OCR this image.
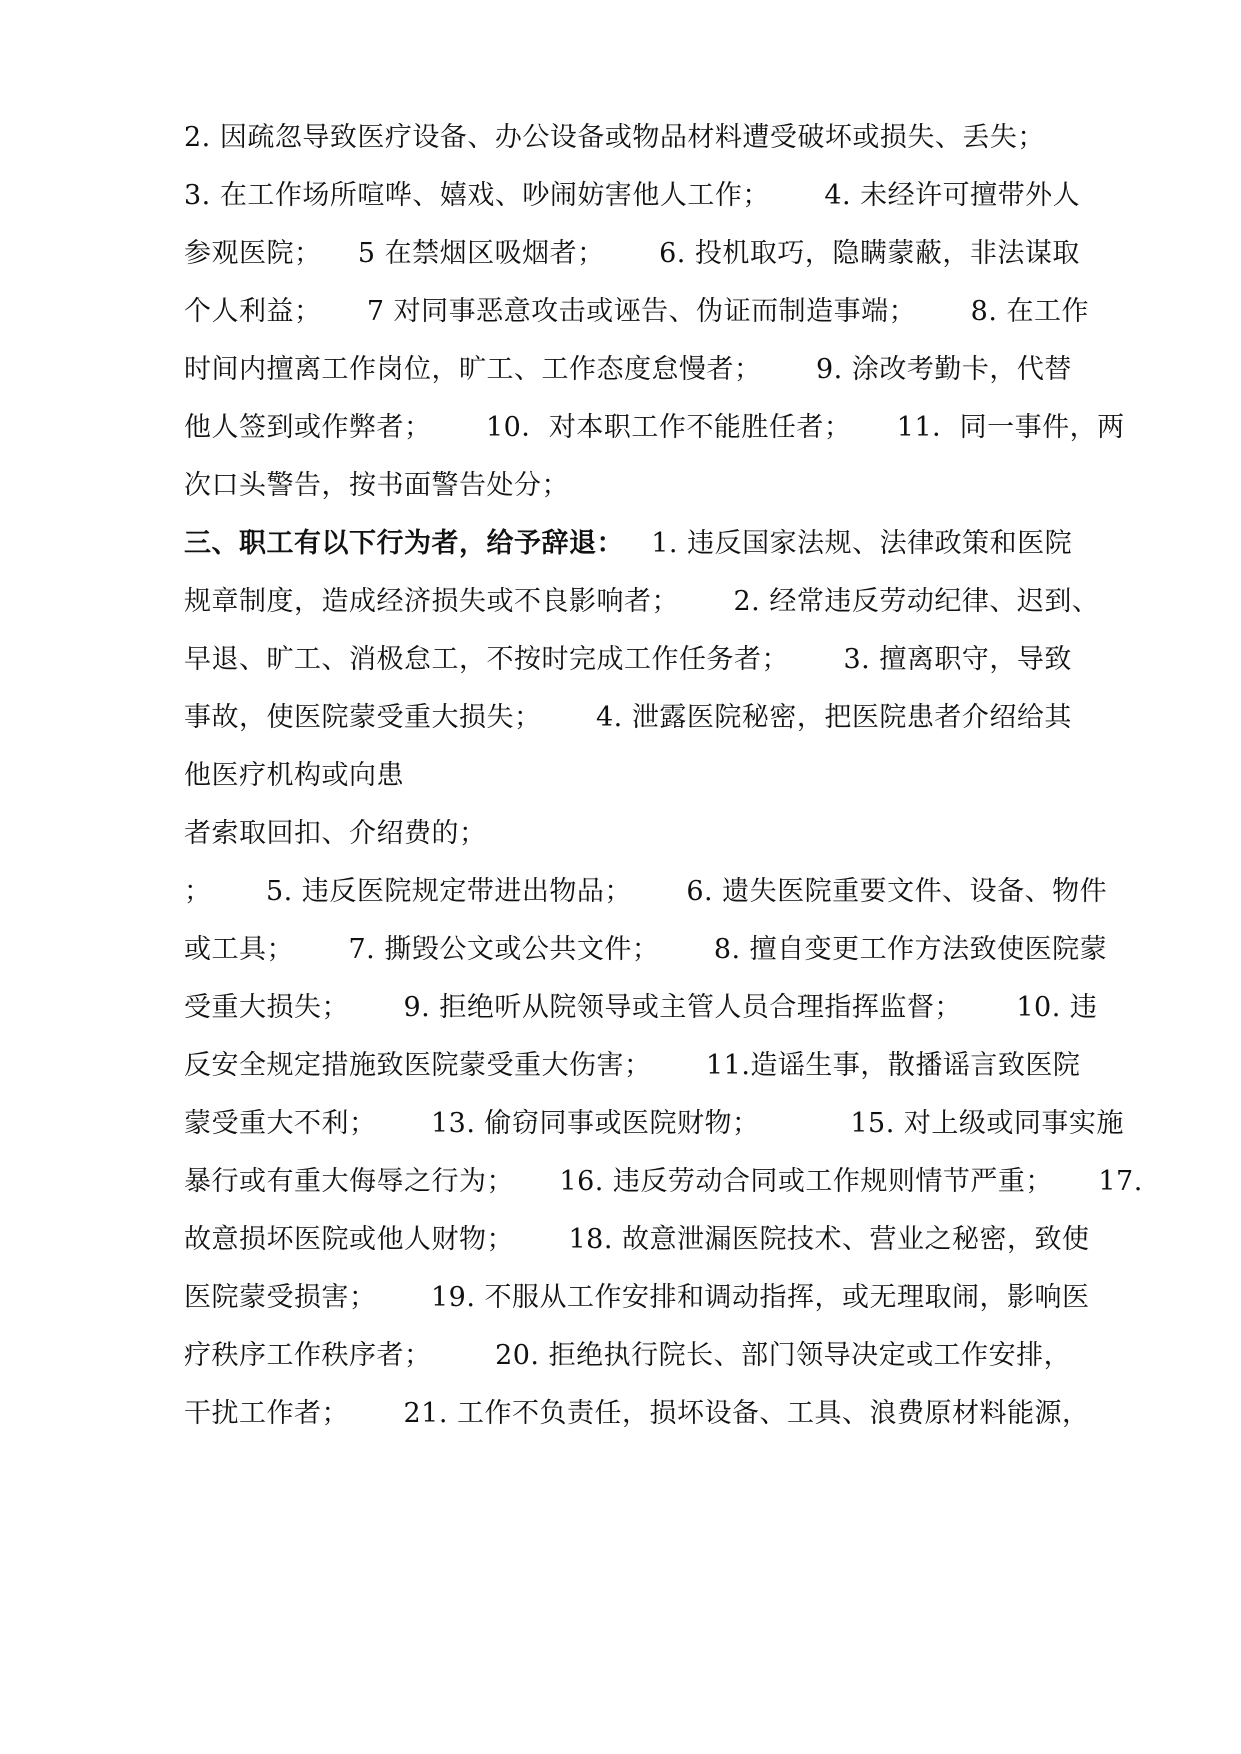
2. 因疏忽导致医疗设备、办公设备或物品材料遭受破坏或损失、丢失；
3. 在工作场所喧哗、嬉戏、吵闹妨害他人工作；      4. 未经许可擅带外人
参观医院；    5 在禁烟区吸烟者；      6. 投机取巧，隐瞒蒙蔽，非法谋取
个人利益；     7 对同事恶意攻击或诬告、伪证而制造事端；      8. 在工作
时间内擅离工作岗位，旷工、工作态度怠慢者；      9. 涂改考勤卡，代替
他人签到或作弊者；      10．对本职工作不能胜任者；     11．同一事件，两
次口头警告，按书面警告处分；
三、职工有以下行为者，给予辞退：   1. 违反国家法规、法律政策和医院
规章制度，造成经济损失或不良影响者；      2. 经常违反劳动纪律、迟到、
早退、旷工、消极怠工，不按时完成工作任务者；      3. 擅离职守，导致
事故，使医院蒙受重大损失；      4. 泄露医院秘密，把医院患者介绍给其
他医疗机构或向患
者索取回扣、介绍费的；
；      5. 违反医院规定带进出物品；      6. 遗失医院重要文件、设备、物件
或工具；      7. 撕毁公文或公共文件；      8. 擅自变更工作方法致使医院蒙
受重大损失；      9. 拒绝听从院领导或主管人员合理指挥监督；      10. 违
反安全规定措施致医院蒙受重大伤害；      11.造谣生事，散播谣言致医院
蒙受重大不利；      13. 偷窃同事或医院财物；          15. 对上级或同事实施
暴行或有重大侮辱之行为；     16. 违反劳动合同或工作规则情节严重；     17.
故意损坏医院或他人财物；      18. 故意泄漏医院技术、营业之秘密，致使
医院蒙受损害；      19. 不服从工作安排和调动指挥，或无理取闹，影响医
疗秩序工作秩序者；       20. 拒绝执行院长、部门领导决定或工作安排，
干扰工作者；      21. 工作不负责任，损坏设备、工具、浪费原材料能源，
